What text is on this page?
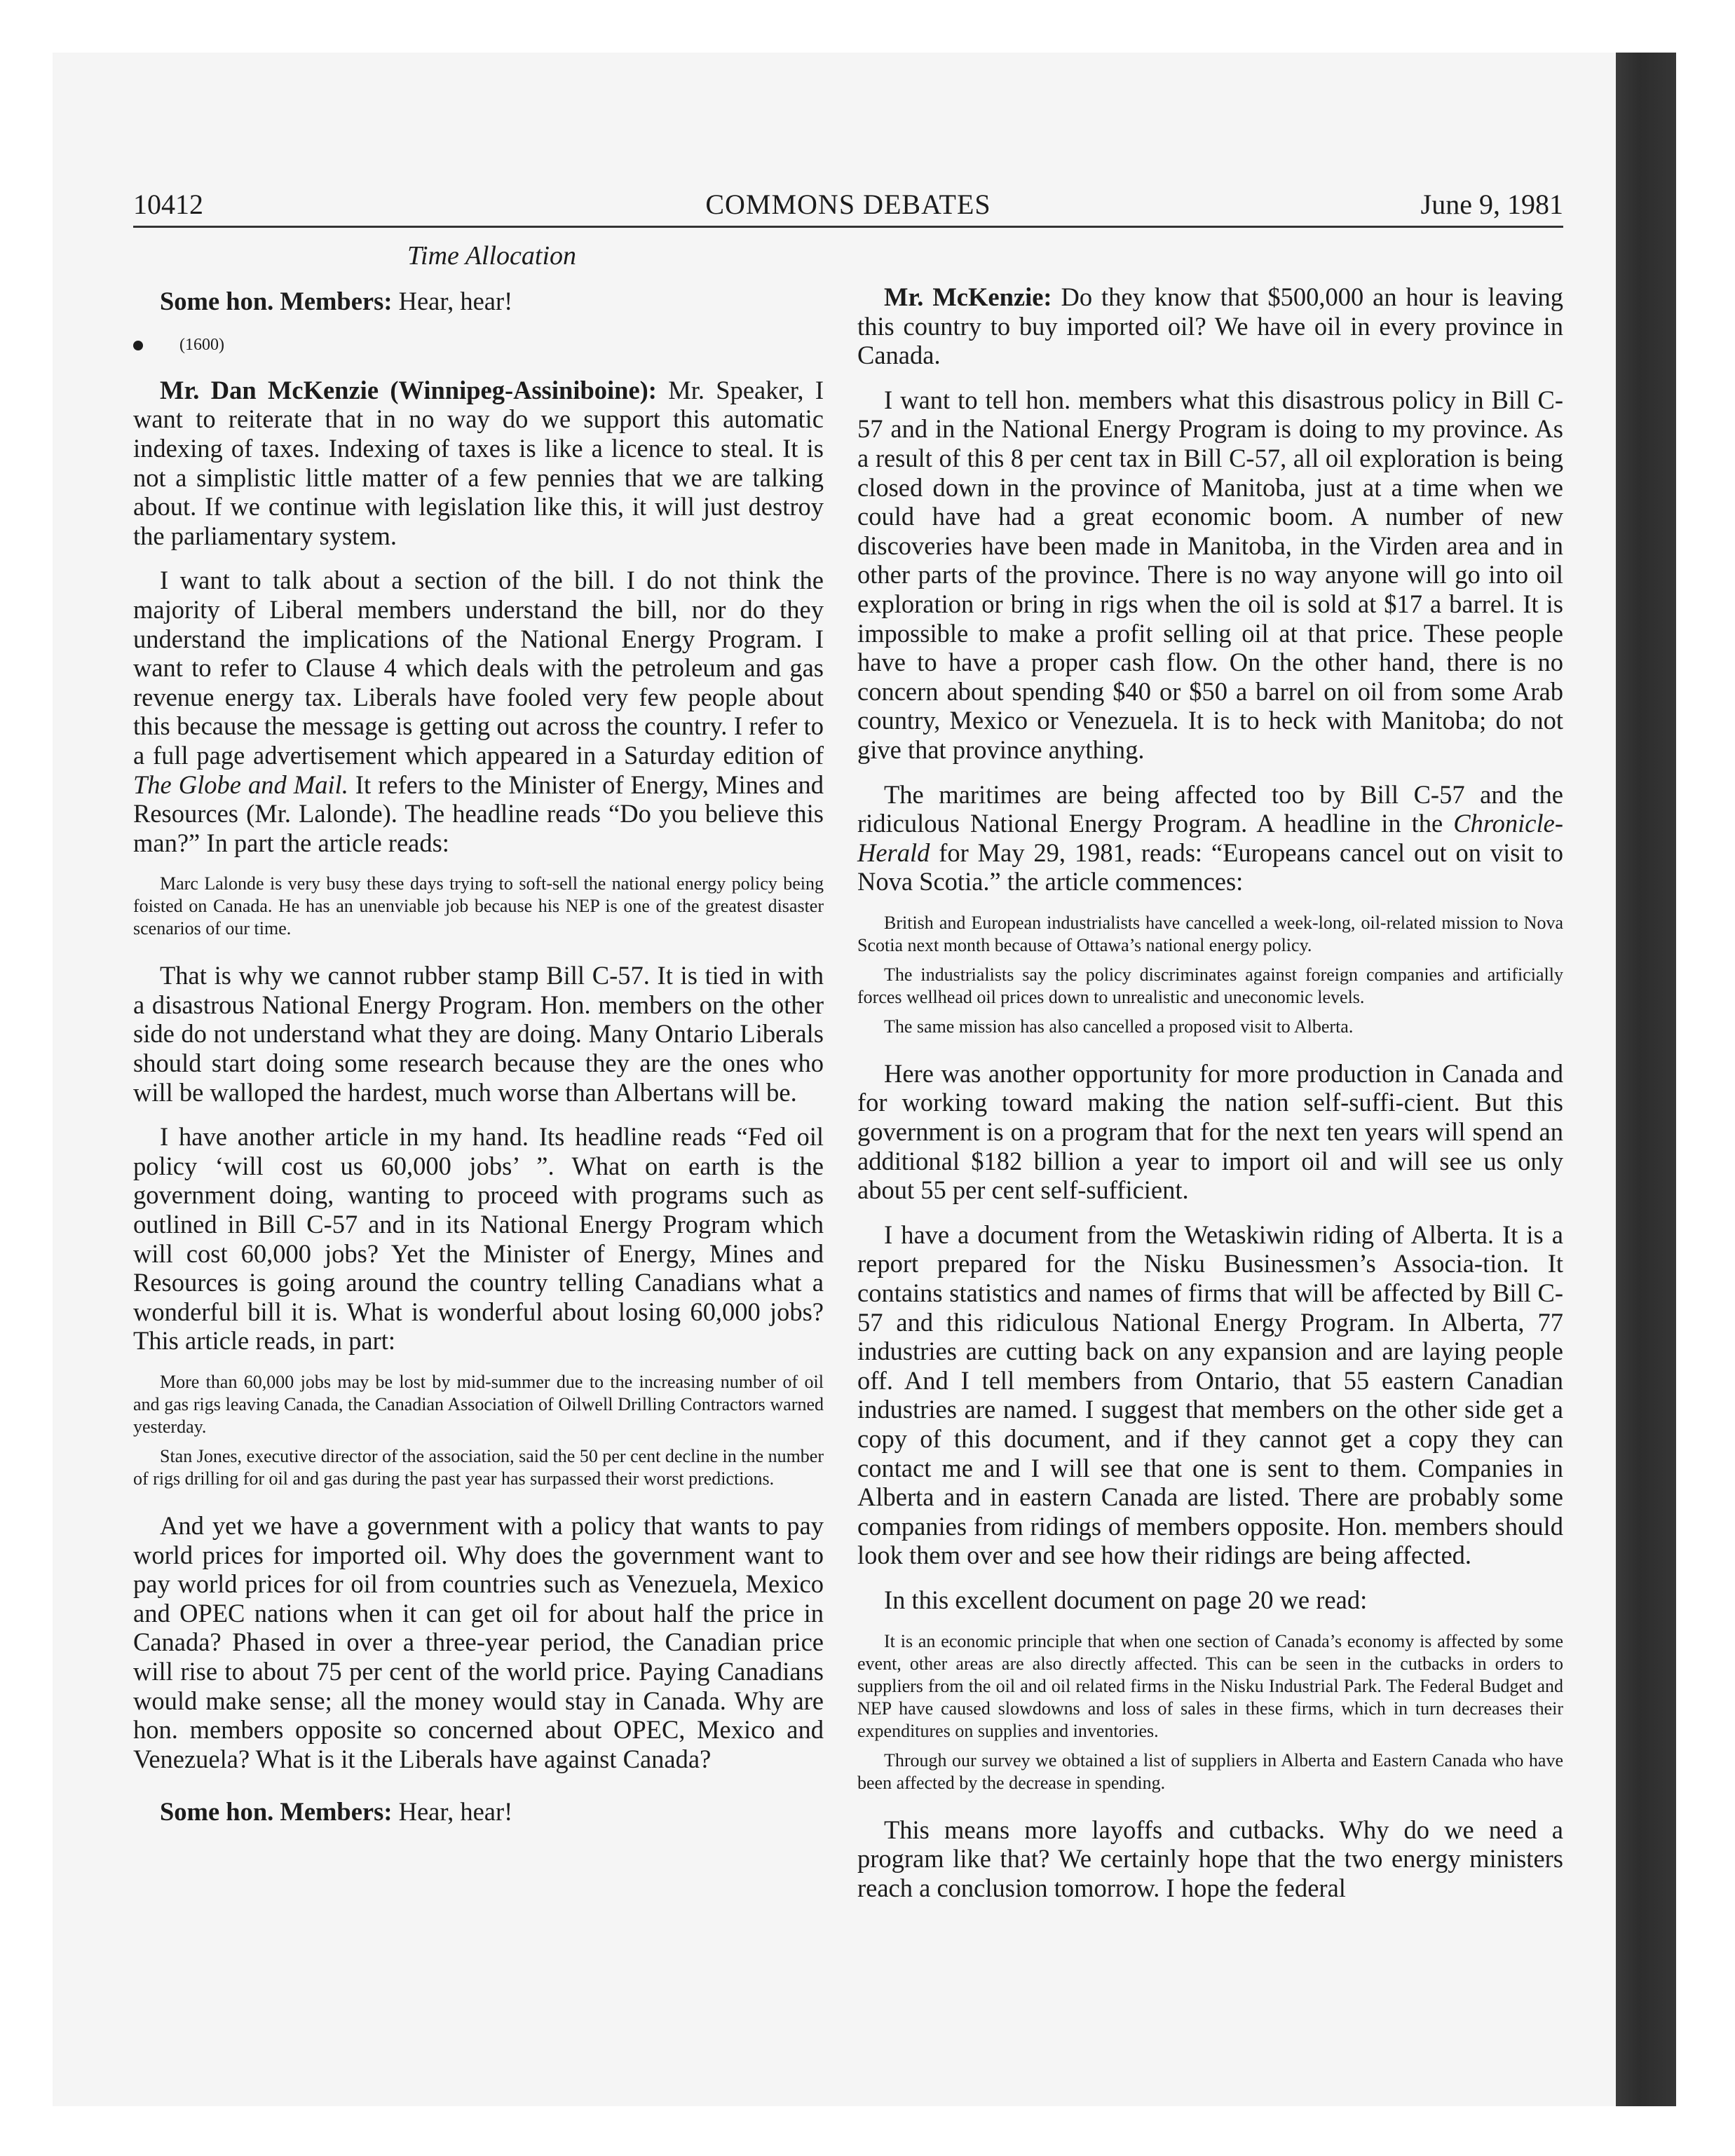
10412	COMMONS DEBATES	June 9, 1981

Time Allocation

Some hon. Members: Hear, hear!

(1600)

Mr. Dan McKenzie (Winnipeg-Assiniboine): Mr. Speaker, I want to reiterate that in no way do we support this automatic indexing of taxes. Indexing of taxes is like a licence to steal. It is not a simplistic little matter of a few pennies that we are talking about. If we continue with legislation like this, it will just destroy the parliamentary system.

I want to talk about a section of the bill. I do not think the majority of Liberal members understand the bill, nor do they understand the implications of the National Energy Program. I want to refer to Clause 4 which deals with the petroleum and gas revenue energy tax. Liberals have fooled very few people about this because the message is getting out across the country. I refer to a full page advertisement which appeared in a Saturday edition of The Globe and Mail. It refers to the Minister of Energy, Mines and Resources (Mr. Lalonde). The headline reads “Do you believe this man?” In part the article reads:

Marc Lalonde is very busy these days trying to soft-sell the national energy policy being foisted on Canada. He has an unenviable job because his NEP is one of the greatest disaster scenarios of our time.

That is why we cannot rubber stamp Bill C-57. It is tied in with a disastrous National Energy Program. Hon. members on the other side do not understand what they are doing. Many Ontario Liberals should start doing some research because they are the ones who will be walloped the hardest, much worse than Albertans will be.

I have another article in my hand. Its headline reads “Fed oil policy ‘will cost us 60,000 jobs’ ”. What on earth is the government doing, wanting to proceed with programs such as outlined in Bill C-57 and in its National Energy Program which will cost 60,000 jobs? Yet the Minister of Energy, Mines and Resources is going around the country telling Canadians what a wonderful bill it is. What is wonderful about losing 60,000 jobs? This article reads, in part:

More than 60,000 jobs may be lost by mid-summer due to the increasing number of oil and gas rigs leaving Canada, the Canadian Association of Oilwell Drilling Contractors warned yesterday.

Stan Jones, executive director of the association, said the 50 per cent decline in the number of rigs drilling for oil and gas during the past year has surpassed their worst predictions.

And yet we have a government with a policy that wants to pay world prices for imported oil. Why does the government want to pay world prices for oil from countries such as Venezuela, Mexico and OPEC nations when it can get oil for about half the price in Canada? Phased in over a three-year period, the Canadian price will rise to about 75 per cent of the world price. Paying Canadians would make sense; all the money would stay in Canada. Why are hon. members opposite so concerned about OPEC, Mexico and Venezuela? What is it the Liberals have against Canada?

Some hon. Members: Hear, hear!

Mr. McKenzie: Do they know that $500,000 an hour is leaving this country to buy imported oil? We have oil in every province in Canada.

I want to tell hon. members what this disastrous policy in Bill C-57 and in the National Energy Program is doing to my province. As a result of this 8 per cent tax in Bill C-57, all oil exploration is being closed down in the province of Manitoba, just at a time when we could have had a great economic boom. A number of new discoveries have been made in Manitoba, in the Virden area and in other parts of the province. There is no way anyone will go into oil exploration or bring in rigs when the oil is sold at $17 a barrel. It is impossible to make a profit selling oil at that price. These people have to have a proper cash flow. On the other hand, there is no concern about spending $40 or $50 a barrel on oil from some Arab country, Mexico or Venezuela. It is to heck with Manitoba; do not give that province anything.

The maritimes are being affected too by Bill C-57 and the ridiculous National Energy Program. A headline in the Chronicle-Herald for May 29, 1981, reads: “Europeans cancel out on visit to Nova Scotia.” the article commences:

British and European industrialists have cancelled a week-long, oil-related mission to Nova Scotia next month because of Ottawa’s national energy policy.

The industrialists say the policy discriminates against foreign companies and artificially forces wellhead oil prices down to unrealistic and uneconomic levels.

The same mission has also cancelled a proposed visit to Alberta.

Here was another opportunity for more production in Canada and for working toward making the nation self-suffi-cient. But this government is on a program that for the next ten years will spend an additional $182 billion a year to import oil and will see us only about 55 per cent self-sufficient.

I have a document from the Wetaskiwin riding of Alberta. It is a report prepared for the Nisku Businessmen’s Associa-tion. It contains statistics and names of firms that will be affected by Bill C-57 and this ridiculous National Energy Program. In Alberta, 77 industries are cutting back on any expansion and are laying people off. And I tell members from Ontario, that 55 eastern Canadian industries are named. I suggest that members on the other side get a copy of this document, and if they cannot get a copy they can contact me and I will see that one is sent to them. Companies in Alberta and in eastern Canada are listed. There are probably some companies from ridings of members opposite. Hon. members should look them over and see how their ridings are being affected.

In this excellent document on page 20 we read:

It is an economic principle that when one section of Canada’s economy is affected by some event, other areas are also directly affected. This can be seen in the cutbacks in orders to suppliers from the oil and oil related firms in the Nisku Industrial Park. The Federal Budget and NEP have caused slowdowns and loss of sales in these firms, which in turn decreases their expenditures on supplies and inventories.

Through our survey we obtained a list of suppliers in Alberta and Eastern Canada who have been affected by the decrease in spending.

This means more layoffs and cutbacks. Why do we need a program like that? We certainly hope that the two energy ministers reach a conclusion tomorrow. I hope the federal
